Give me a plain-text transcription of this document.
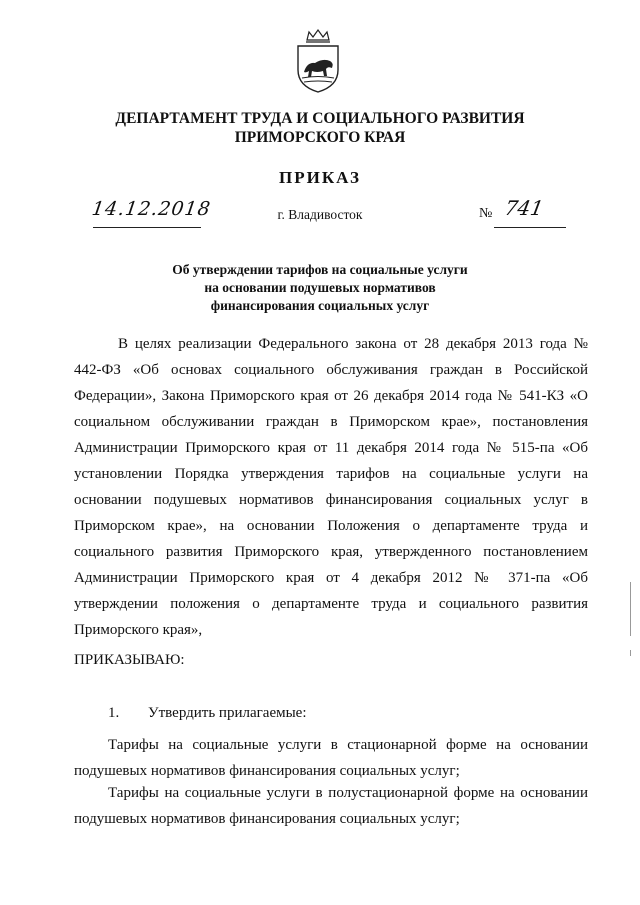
ДЕПАРТАМЕНТ ТРУДА И СОЦИАЛЬНОГО РАЗВИТИЯ
ПРИМОРСКОГО КРАЯ
ПРИКАЗ
14.12.2018	г. Владивосток	№ 741
Об утверждении тарифов на социальные услуги
на основании подушевых нормативов
финансирования социальных услуг
В целях реализации Федерального закона от 28 декабря 2013 года № 442-ФЗ «Об основах социального обслуживания граждан в Российской Федерации», Закона Приморского края от 26 декабря 2014 года № 541-КЗ «О социальном обслуживании граждан в Приморском крае», постановления Администрации Приморского края от 11 декабря 2014 года № 515-па «Об установлении Порядка утверждения тарифов на социальные услуги на основании подушевых нормативов финансирования социальных услуг в Приморском крае», на основании Положения о департаменте труда и социального развития Приморского края, утвержденного постановлением Администрации Приморского края от 4 декабря 2012 № 371-па «Об утверждении положения о департаменте труда и социального развития Приморского края»,
ПРИКАЗЫВАЮ:
1. Утвердить прилагаемые:
Тарифы на социальные услуги в стационарной форме на основании подушевых нормативов финансирования социальных услуг;
Тарифы на социальные услуги в полустационарной форме на основании подушевых нормативов финансирования социальных услуг;
